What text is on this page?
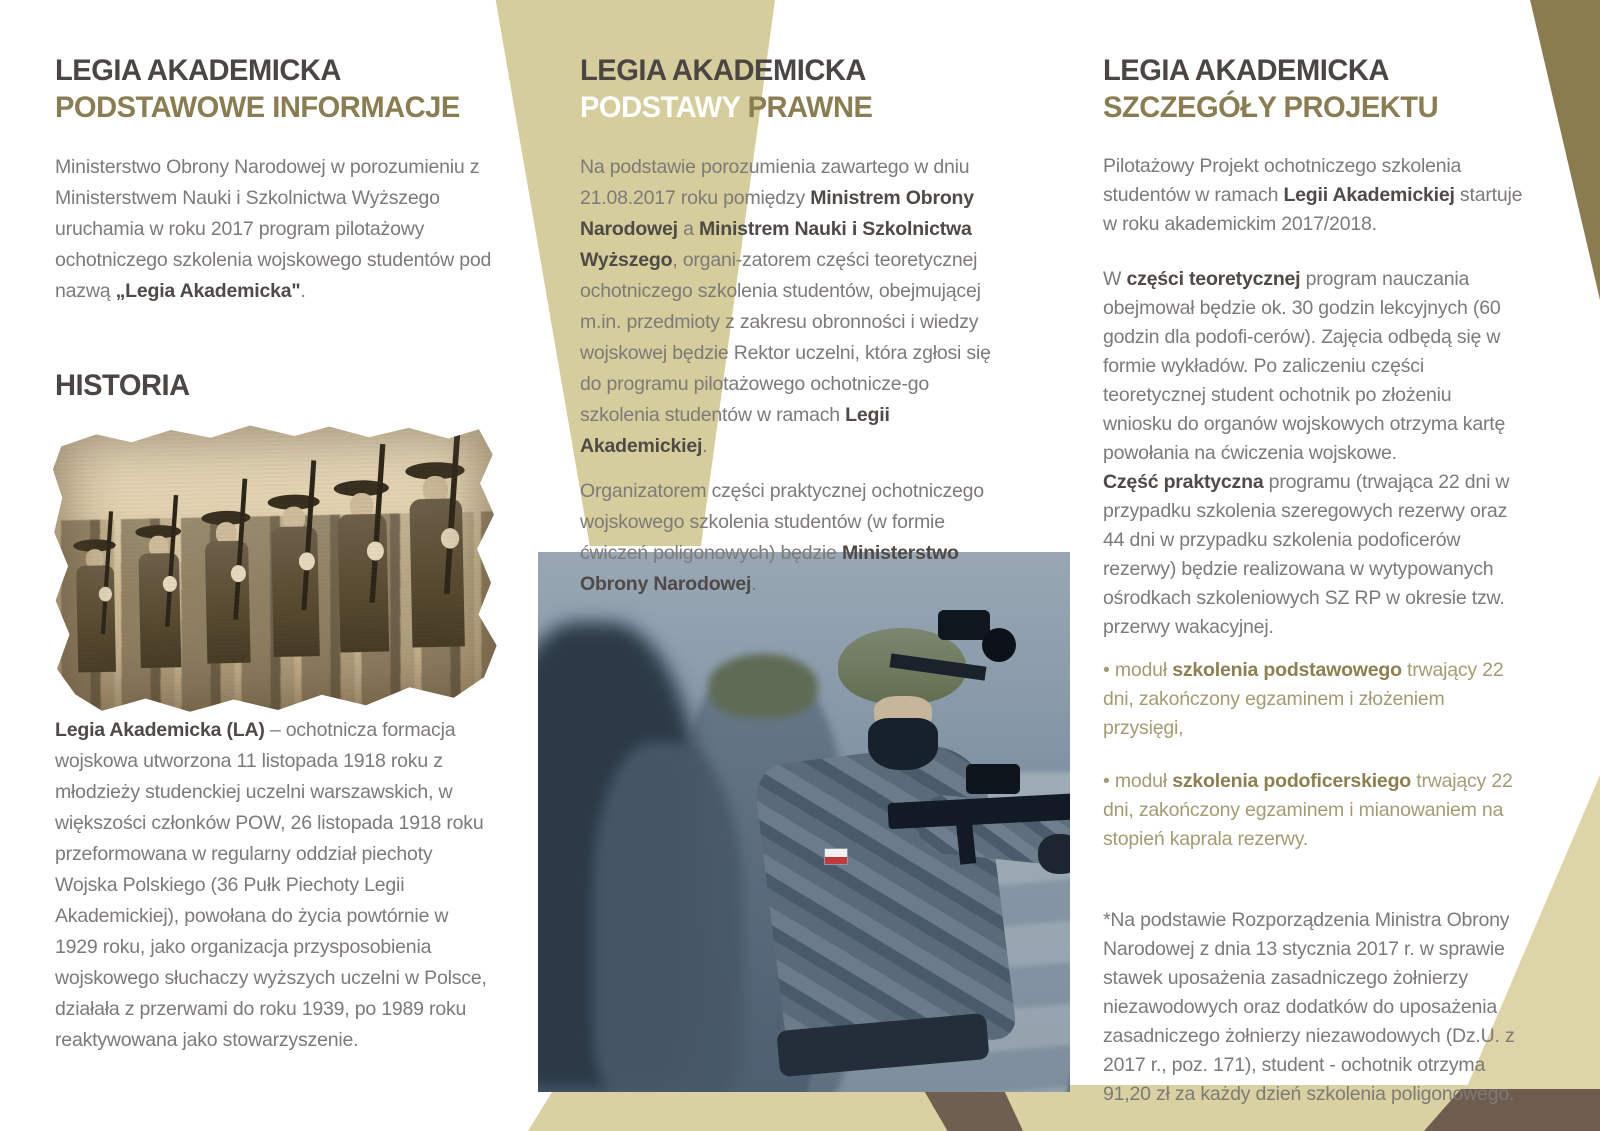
LEGIA AKADEMICKA
PODSTAWOWE INFORMACJE
Ministerstwo Obrony Narodowej w porozumieniu z Ministerstwem Nauki i Szkolnictwa Wyższego uruchamia w roku 2017 program pilotażowy ochotniczego szkolenia wojskowego studentów pod nazwą „Legia Akademicka".
HISTORIA
Legia Akademicka (LA) – ochotnicza formacja wojskowa utworzona 11 listopada 1918 roku z młodzieży studenckiej uczelni warszawskich, w większości członków POW, 26 listopada 1918 roku przeformowana w regularny oddział piechoty Wojska Polskiego (36 Pułk Piechoty Legii Akademickiej), powołana do życia powtórnie w 1929 roku, jako organizacja przysposobienia wojskowego słuchaczy wyższych uczelni w Polsce, działała z przerwami do roku 1939, po 1989 roku reaktywowana jako stowarzyszenie.
LEGIA AKADEMICKA
PODSTAWY PRAWNE
Na podstawie porozumienia zawartego w dniu 21.08.2017 roku pomiędzy Ministrem Obrony Narodowej a Ministrem Nauki i Szkolnictwa Wyższego, organi-zatorem części teoretycznej ochotniczego szkolenia studentów, obejmującej m.in. przedmioty z zakresu obronności i wiedzy wojskowej będzie Rektor uczelni, która zgłosi się do programu pilotażowego ochotnicze-go szkolenia studentów w ramach Legii Akademickiej.
Organizatorem części praktycznej ochotniczego wojskowego szkolenia studentów (w formie ćwiczeń poligonowych) będzie Ministerstwo Obrony Narodowej.
LEGIA AKADEMICKA
SZCZEGÓŁY PROJEKTU
Pilotażowy Projekt ochotniczego szkolenia studentów w ramach Legii Akademickiej startuje w roku akademickim 2017/2018.
W części teoretycznej program nauczania obejmował będzie ok. 30 godzin lekcyjnych (60 godzin dla podofi-cerów). Zajęcia odbędą się w formie wykładów. Po zaliczeniu części teoretycznej student ochotnik po złożeniu wniosku do organów wojskowych otrzyma kartę powołania na ćwiczenia wojskowe.
Część praktyczna programu (trwająca 22 dni w przypadku szkolenia szeregowych rezerwy oraz 44 dni w przypadku szkolenia podoficerów rezerwy) będzie realizowana w wytypowanych ośrodkach szkoleniowych SZ RP w okresie tzw. przerwy wakacyjnej.
• moduł szkolenia podstawowego trwający 22 dni, zakończony egzaminem i złożeniem przysięgi,
• moduł szkolenia podoficerskiego trwający 22 dni, zakończony egzaminem i mianowaniem na stopień kaprala rezerwy.
*Na podstawie Rozporządzenia Ministra Obrony Narodowej z dnia 13 stycznia 2017 r. w sprawie stawek uposażenia zasadniczego żołnierzy niezawodowych oraz dodatków do uposażenia zasadniczego żołnierzy niezawodowych (Dz.U. z 2017 r., poz. 171), student - ochotnik otrzyma 91,20 zł za każdy dzień szkolenia poligonowego.
